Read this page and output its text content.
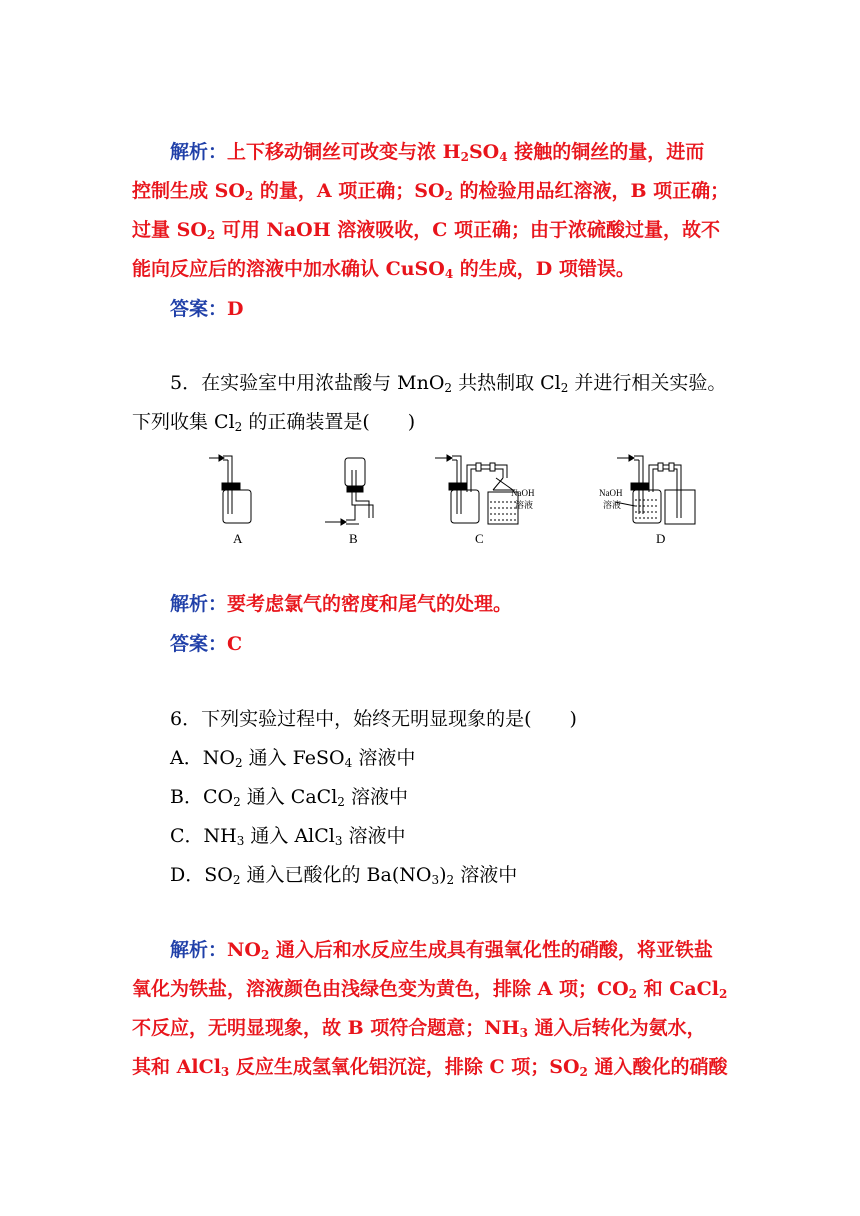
解析：上下移动铜丝可改变与浓 $H_2SO_4$ 接触的铜丝的量，进而
控制生成 $SO_2$ 的量，A 项正确；$SO_2$ 的检验用品红溶液，B 项正确；
过量 $SO_2$ 可用 NaOH 溶液吸收，C 项正确；由于浓硫酸过量，故不
能向反应后的溶液中加水确认 CuSO$_4$ 的生成，D 项错误。
答案：D
5．在实验室中用浓盐酸与 MnO$_2$ 共热制取 $Cl_2$ 并进行相关实验。
下列收集 $Cl_2$ 的正确装置是(　　)
NaOH
溶液
NaOH
溶液
A	B	C	D
解析：要考虑氯气的密度和尾气的处理。
答案：C
6．下列实验过程中，始终无明显现象的是(　　)
A．$NO_2$ 通入 FeSO$_4$ 溶液中
B．$CO_2$ 通入 CaCl$_2$ 溶液中
C．$NH_3$ 通入 AlCl$_3$ 溶液中
D．$SO_2$ 通入已酸化的 $Ba(NO_3)_2$ 溶液中
解析：$NO_2$ 通入后和水反应生成具有强氧化性的硝酸，将亚铁盐
氧化为铁盐，溶液颜色由浅绿色变为黄色，排除 A 项；$CO_2$ 和 CaCl$_2$
不反应，无明显现象，故 B 项符合题意；$NH_3$ 通入后转化为氨水，
其和 AlCl$_3$ 反应生成氢氧化铝沉淀，排除 C 项；$SO_2$ 通入酸化的硝酸
